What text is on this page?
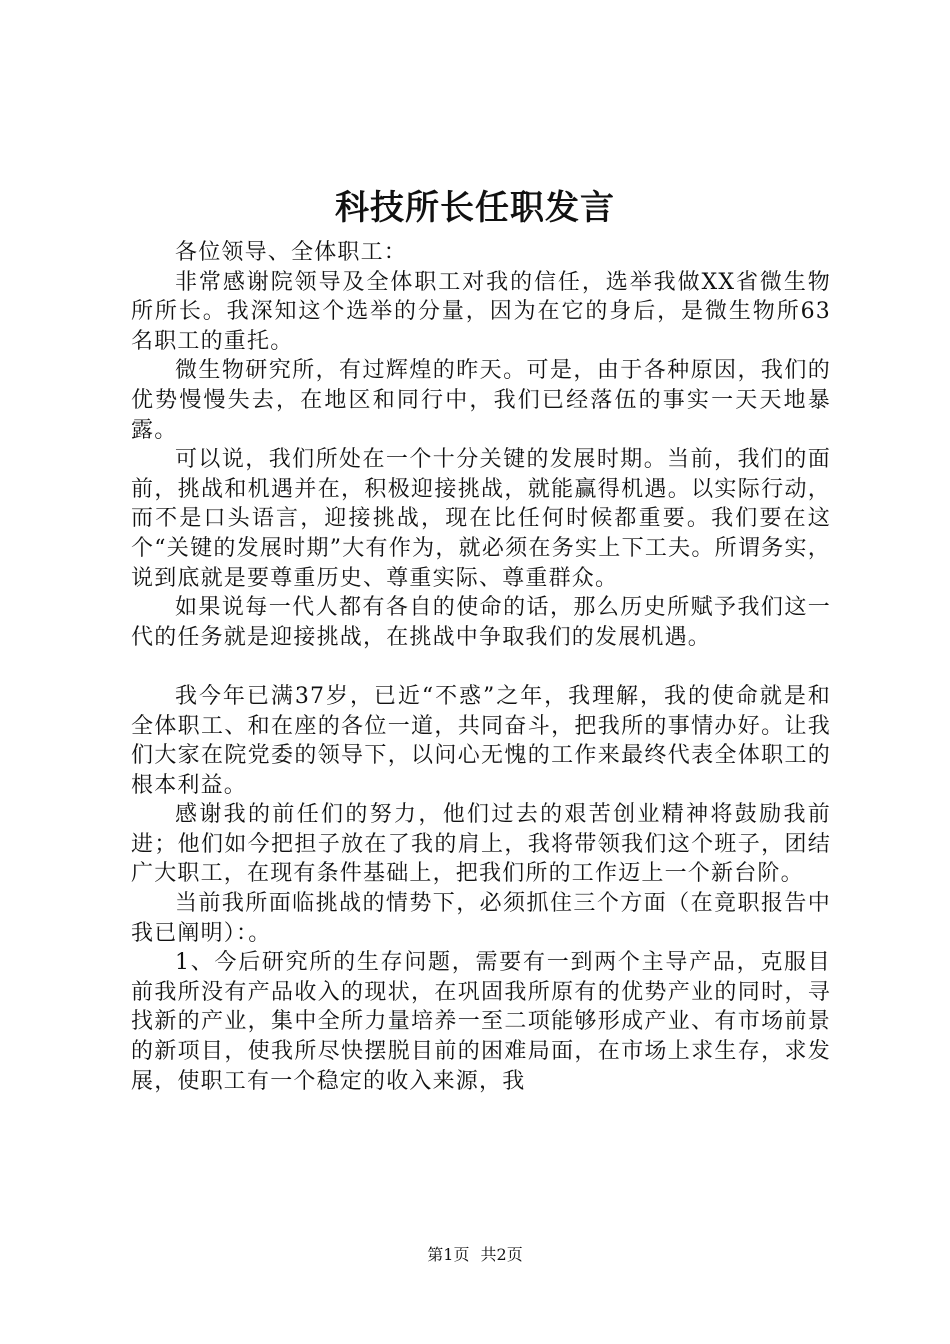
科技所长任职发言

各位领导、全体职工：

非常感谢院领导及全体职工对我的信任，选举我做XX省微生物所所长。我深知这个选举的分量，因为在它的身后，是微生物所63名职工的重托。

微生物研究所，有过辉煌的昨天。可是，由于各种原因，我们的优势慢慢失去，在地区和同行中，我们已经落伍的事实一天天地暴露。

可以说，我们所处在一个十分关键的发展时期。当前，我们的面前，挑战和机遇并在，积极迎接挑战，就能赢得机遇。以实际行动，而不是口头语言，迎接挑战，现在比任何时候都重要。我们要在这个“关键的发展时期”大有作为，就必须在务实上下工夫。所谓务实，说到底就是要尊重历史、尊重实际、尊重群众。

如果说每一代人都有各自的使命的话，那么历史所赋予我们这一代的任务就是迎接挑战，在挑战中争取我们的发展机遇。

我今年已满37岁，已近“不惑”之年，我理解，我的使命就是和全体职工、和在座的各位一道，共同奋斗，把我所的事情办好。让我们大家在院党委的领导下，以问心无愧的工作来最终代表全体职工的根本利益。

感谢我的前任们的努力，他们过去的艰苦创业精神将鼓励我前进；他们如今把担子放在了我的肩上，我将带领我们这个班子，团结广大职工，在现有条件基础上，把我们所的工作迈上一个新台阶。

当前我所面临挑战的情势下，必须抓住三个方面（在竟职报告中我已阐明）：。

1、今后研究所的生存问题，需要有一到两个主导产品，克服目前我所没有产品收入的现状，在巩固我所原有的优势产业的同时，寻找新的产业，集中全所力量培养一至二项能够形成产业、有市场前景的新项目，使我所尽快摆脱目前的困难局面，在市场上求生存，求发展，使职工有一个稳定的收入来源，我

第1页 共2页
